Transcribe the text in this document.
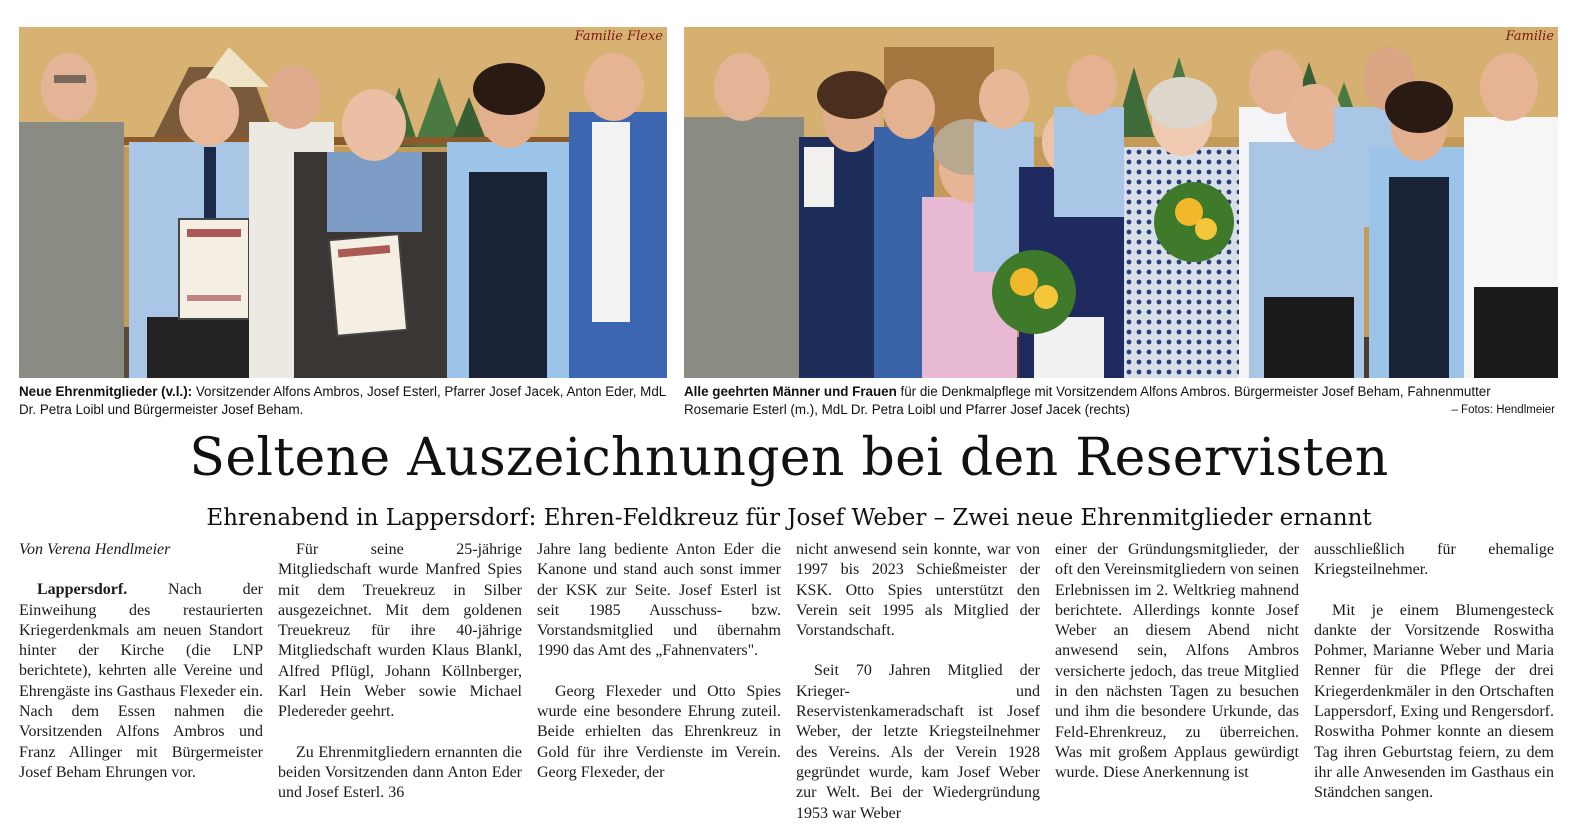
Familie Flexe	Familie

Neue Ehrenmitglieder (v.l.): Vorsitzender Alfons Ambros, Josef Esterl, Pfarrer Josef Jacek, Anton Eder, MdL Dr. Petra Loibl und Bürgermeister Josef Beham.

Alle geehrten Männer und Frauen für die Denkmalpflege mit Vorsitzendem Alfons Ambros. Bürgermeister Josef Beham, Fahnenmutter Rosemarie Esterl (m.), MdL Dr. Petra Loibl und Pfarrer Josef Jacek (rechts)	– Fotos: Hendlmeier
Seltene Auszeichnungen bei den Reservisten
Ehrenabend in Lappersdorf: Ehren-Feldkreuz für Josef Weber – Zwei neue Ehrenmitglieder ernannt

Von Verena Hendlmeier

Lappersdorf. Nach der Einweihung des restaurierten Kriegerdenkmals am neuen Standort hinter der Kirche (die LNP berichtete), kehrten alle Vereine und Ehrengäste ins Gasthaus Flexeder ein. Nach dem Essen nahmen die Vorsitzenden Alfons Ambros und Franz Allinger mit Bürgermeister Josef Beham Ehrungen vor.

Für seine 25-jährige Mitgliedschaft wurde Manfred Spies mit dem Treuekreuz in Silber ausgezeichnet. Mit dem goldenen Treuekreuz für ihre 40-jährige Mitgliedschaft wurden Klaus Blankl, Alfred Pflügl, Johann Köllnberger, Karl Hein Weber sowie Michael Pledereder geehrt.

Zu Ehrenmitgliedern ernannten die beiden Vorsitzenden dann Anton Eder und Josef Esterl. 36

Jahre lang bediente Anton Eder die Kanone und stand auch sonst immer der KSK zur Seite. Josef Esterl ist seit 1985 Ausschuss- bzw. Vorstandsmitglied und übernahm 1990 das Amt des „Fahnenvaters".

Georg Flexeder und Otto Spies wurde eine besondere Ehrung zuteil. Beide erhielten das Ehrenkreuz in Gold für ihre Verdienste im Verein. Georg Flexeder, der

nicht anwesend sein konnte, war von 1997 bis 2023 Schießmeister der KSK. Otto Spies unterstützt den Verein seit 1995 als Mitglied der Vorstandschaft.

Seit 70 Jahren Mitglied der Krieger- und Reservistenkameradschaft ist Josef Weber, der letzte Kriegsteilnehmer des Vereins. Als der Verein 1928 gegründet wurde, kam Josef Weber zur Welt. Bei der Wiedergründung 1953 war Weber

einer der Gründungsmitglieder, der oft den Vereinsmitgliedern von seinen Erlebnissen im 2. Weltkrieg mahnend berichtete. Allerdings konnte Josef Weber an diesem Abend nicht anwesend sein, Alfons Ambros versicherte jedoch, das treue Mitglied in den nächsten Tagen zu besuchen und ihm die besondere Urkunde, das Feld-Ehrenkreuz, zu überreichen. Was mit großem Applaus gewürdigt wurde. Diese Anerkennung ist

ausschließlich für ehemalige Kriegsteilnehmer.

Mit je einem Blumengesteck dankte der Vorsitzende Roswitha Pohmer, Marianne Weber und Maria Renner für die Pflege der drei Kriegerdenkmäler in den Ortschaften Lappersdorf, Exing und Rengersdorf. Roswitha Pohmer konnte an diesem Tag ihren Geburtstag feiern, zu dem ihr alle Anwesenden im Gasthaus ein Ständchen sangen.
